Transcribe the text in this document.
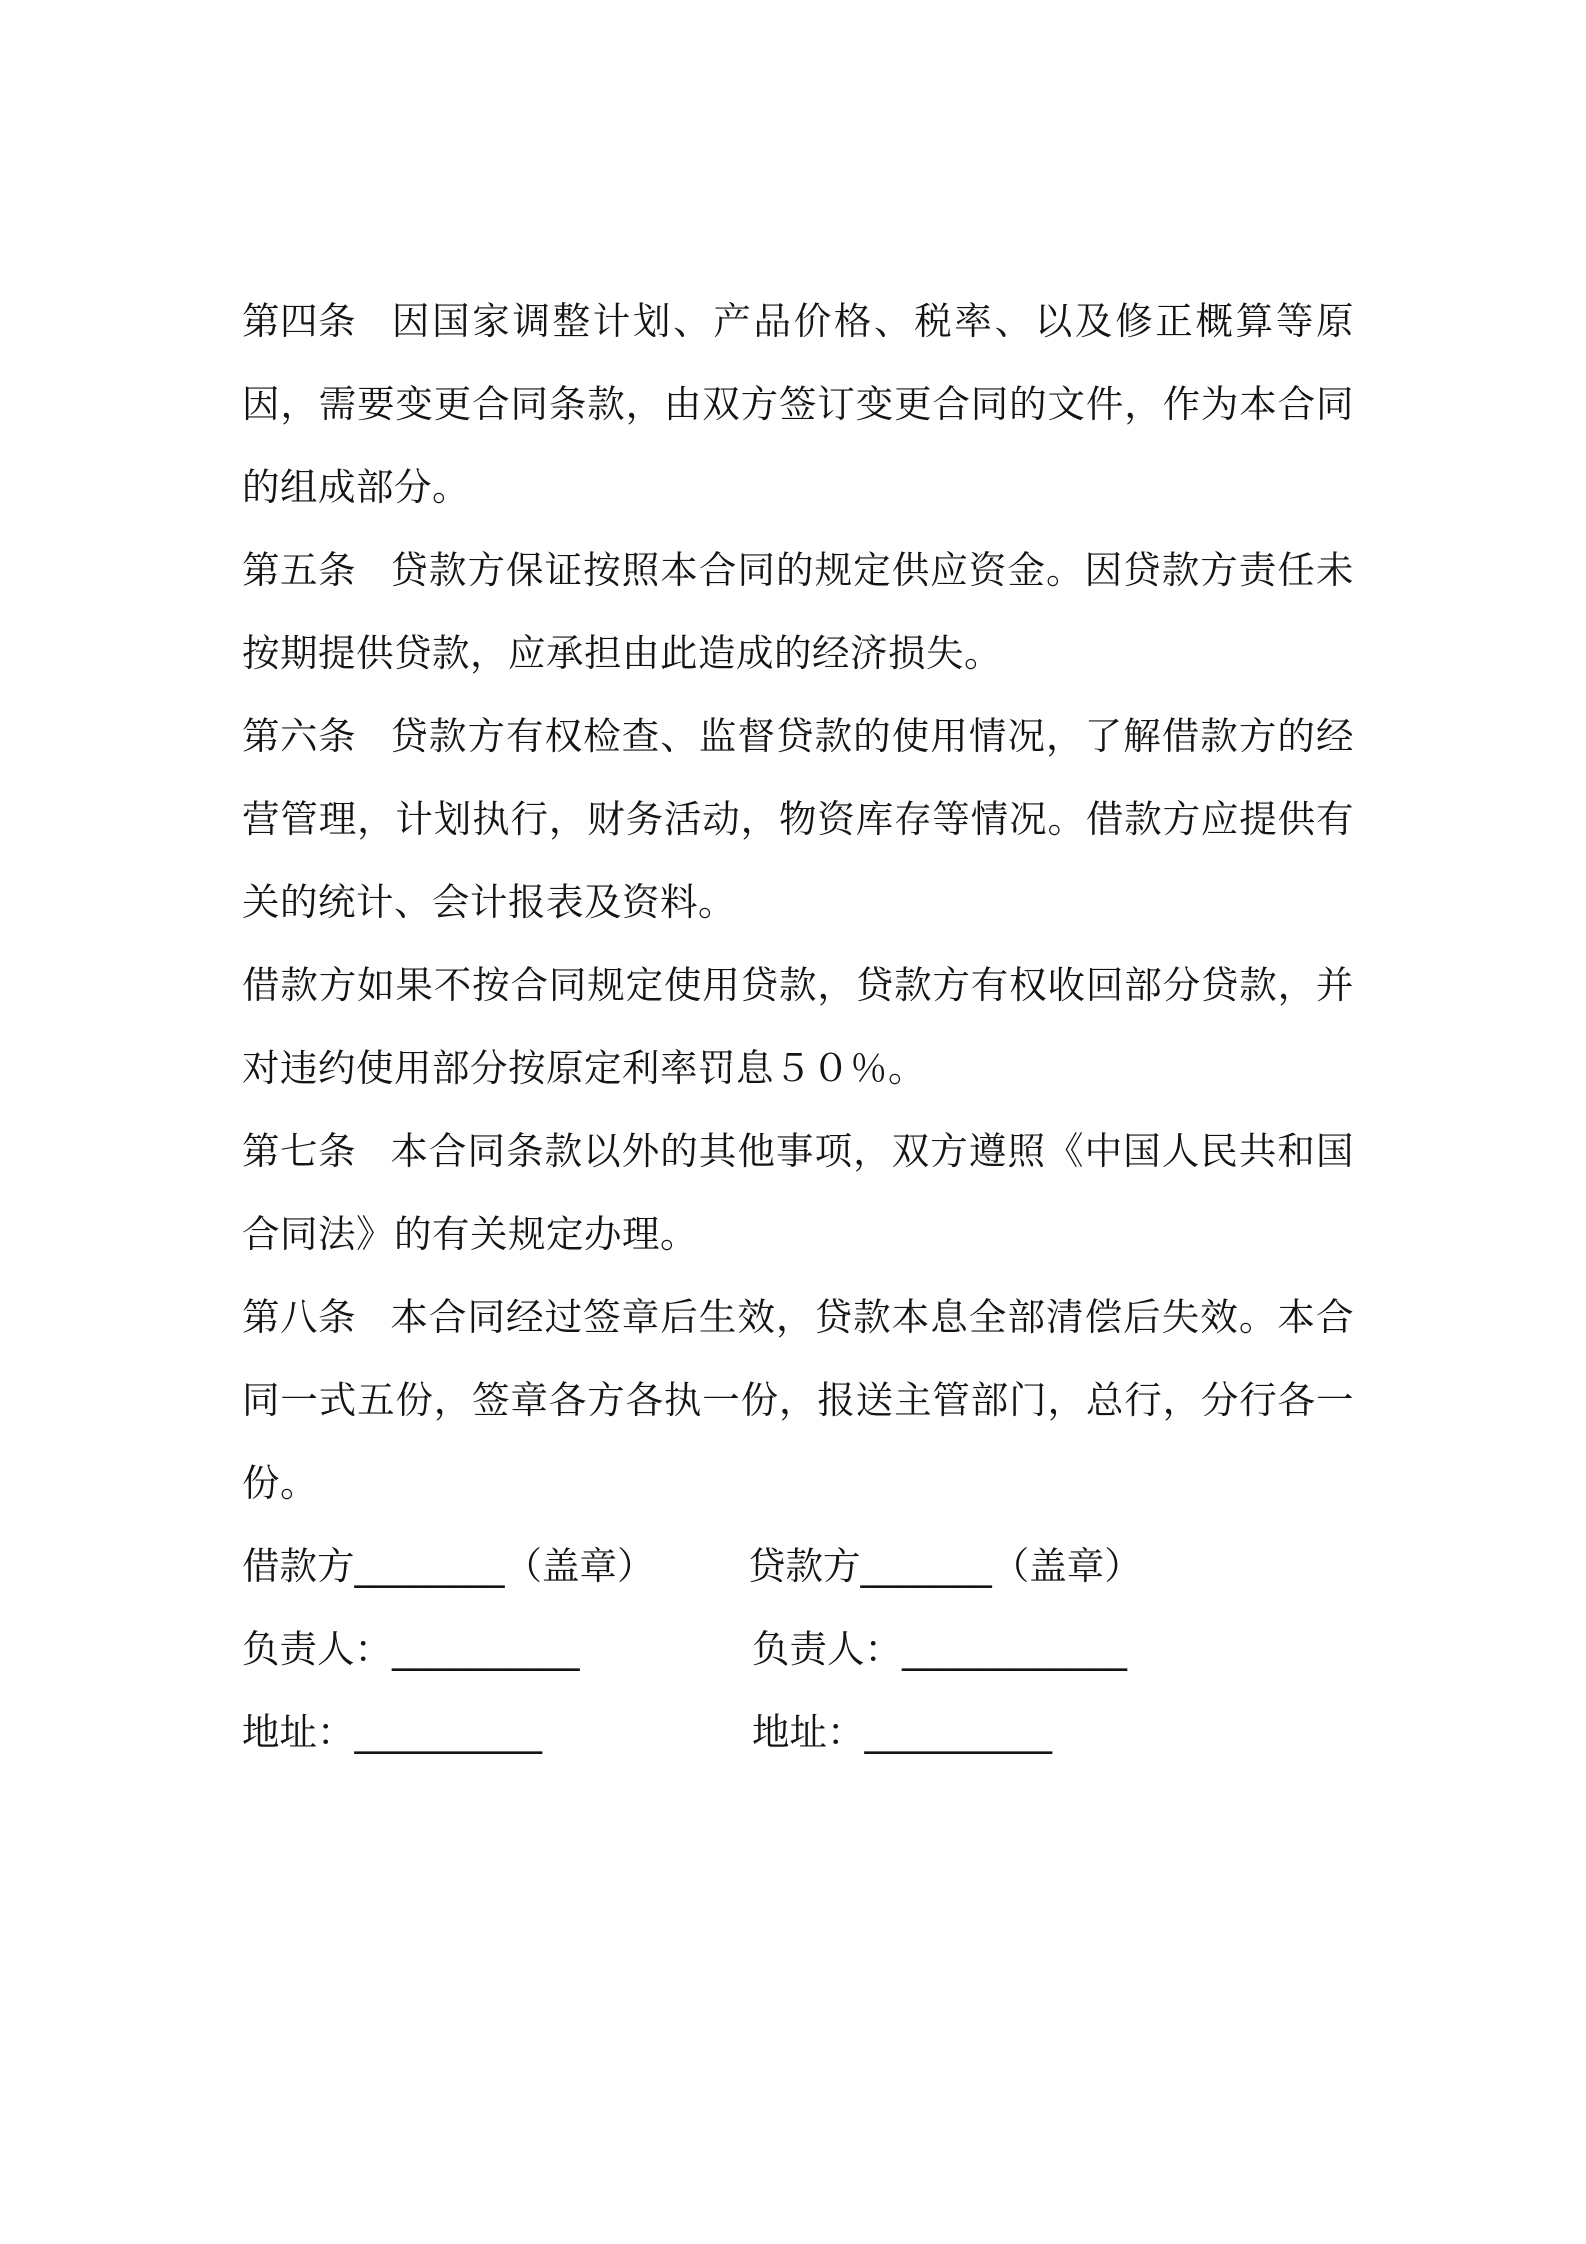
第四条 因国家调整计划、产品价格、税率、以及修正概算等原因，需要变更合同条款，由双方签订变更合同的文件，作为本合同的组成部分。

第五条 贷款方保证按照本合同的规定供应资金。因贷款方责任未按期提供贷款，应承担由此造成的经济损失。

第六条 贷款方有权检查、监督贷款的使用情况，了解借款方的经营管理，计划执行，财务活动，物资库存等情况。借款方应提供有关的统计、会计报表及资料。

借款方如果不按合同规定使用贷款，贷款方有权收回部分贷款，并对违约使用部分按原定利率罚息５０％。

第七条 本合同条款以外的其他事项，双方遵照《中国人民共和国合同法》的有关规定办理。

第八条 本合同经过签章后生效，贷款本息全部清偿后失效。本合同一式五份，签章各方各执一份，报送主管部门，总行，分行各一份。

借款方________（盖章） 贷款方_______（盖章）
负责人：__________	负责人：____________
地址：__________	地址：__________
